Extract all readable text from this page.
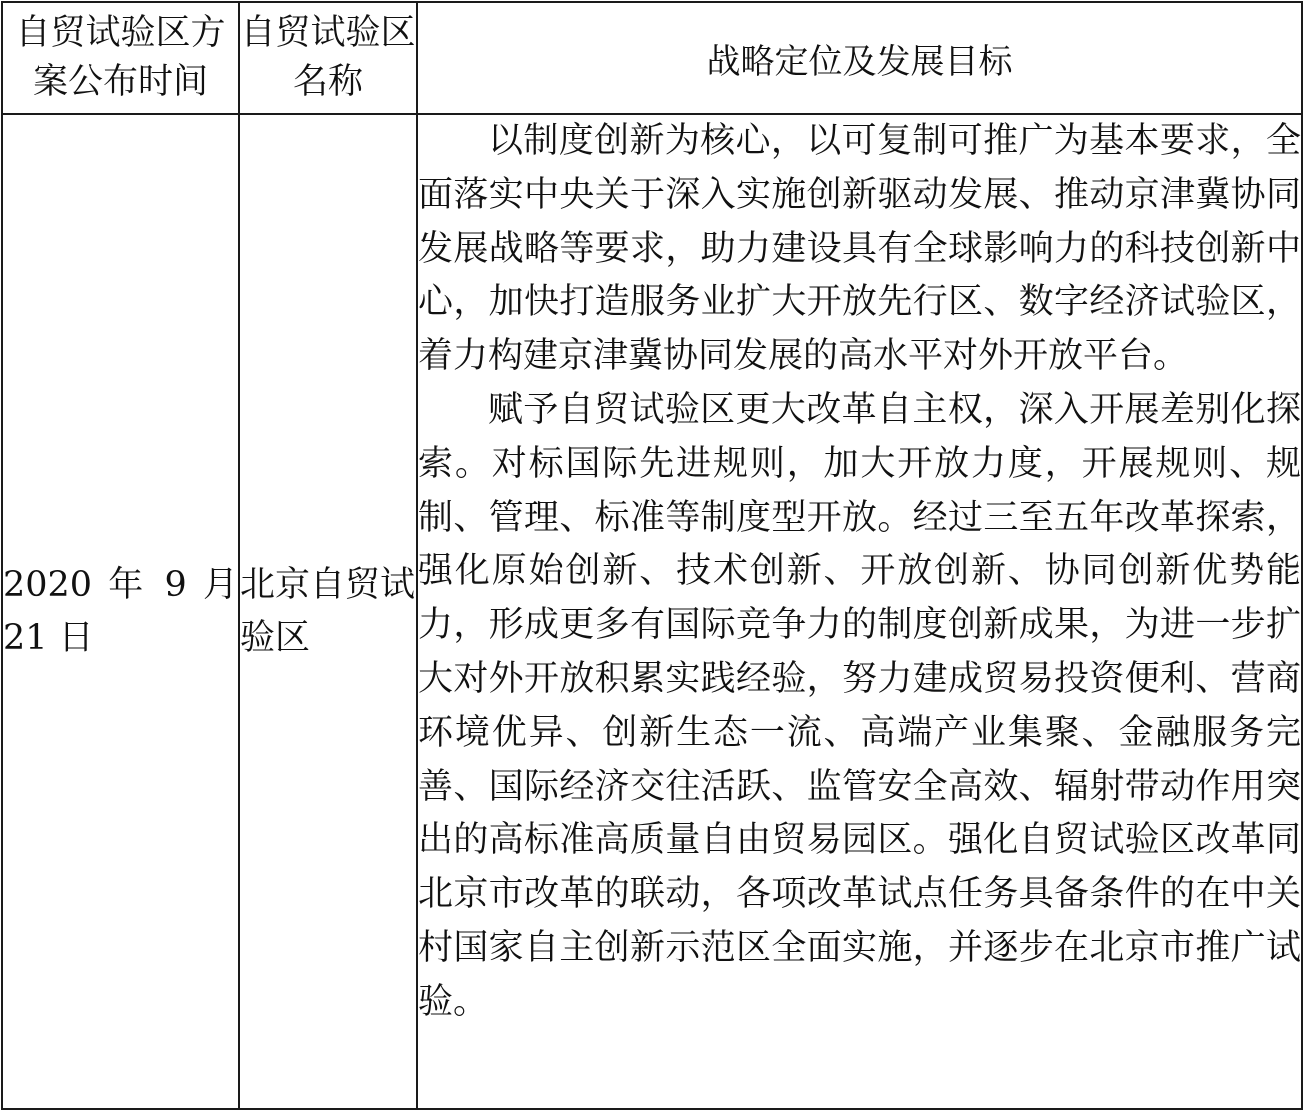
自贸试验区方案公布时间	自贸试验区名称	战略定位及发展目标

2020 年 9 月 21 日	北京自贸试验区	以制度创新为核心，以可复制可推广为基本要求，全面落实中央关于深入实施创新驱动发展、推动京津冀协同发展战略等要求，助力建设具有全球影响力的科技创新中心，加快打造服务业扩大开放先行区、数字经济试验区，着力构建京津冀协同发展的高水平对外开放平台。

赋予自贸试验区更大改革自主权，深入开展差别化探索。对标国际先进规则，加大开放力度，开展规则、规制、管理、标准等制度型开放。经过三至五年改革探索，强化原始创新、技术创新、开放创新、协同创新优势能力，形成更多有国际竞争力的制度创新成果，为进一步扩大对外开放积累实践经验，努力建成贸易投资便利、营商环境优异、创新生态一流、高端产业集聚、金融服务完善、国际经济交往活跃、监管安全高效、辐射带动作用突出的高标准高质量自由贸易园区。强化自贸试验区改革同北京市改革的联动，各项改革试点任务具备条件的在中关村国家自主创新示范区全面实施，并逐步在北京市推广试验。
